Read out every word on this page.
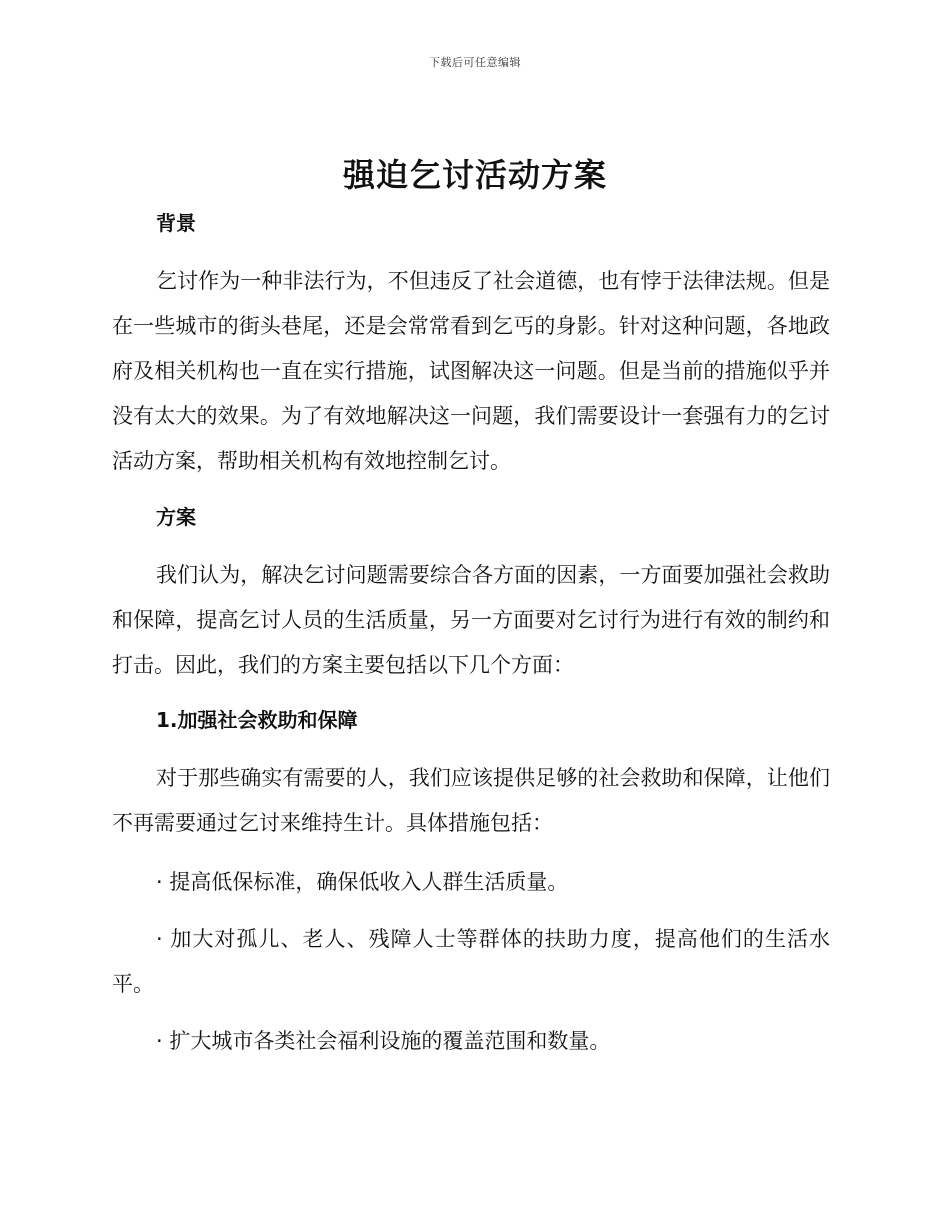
下载后可任意编辑
强迫乞讨活动方案
背景

乞讨作为一种非法行为，不但违反了社会道德，也有悖于法律法规。但是在一些城市的街头巷尾，还是会常常看到乞丐的身影。针对这种问题，各地政府及相关机构也一直在实行措施，试图解决这一问题。但是当前的措施似乎并没有太大的效果。为了有效地解决这一问题，我们需要设计一套强有力的乞讨活动方案，帮助相关机构有效地控制乞讨。

方案

我们认为，解决乞讨问题需要综合各方面的因素，一方面要加强社会救助和保障，提高乞讨人员的生活质量，另一方面要对乞讨行为进行有效的制约和打击。因此，我们的方案主要包括以下几个方面：

1.加强社会救助和保障

对于那些确实有需要的人，我们应该提供足够的社会救助和保障，让他们不再需要通过乞讨来维持生计。具体措施包括：

· 提高低保标准，确保低收入人群生活质量。

· 加大对孤儿、老人、残障人士等群体的扶助力度，提高他们的生活水平。

· 扩大城市各类社会福利设施的覆盖范围和数量。
